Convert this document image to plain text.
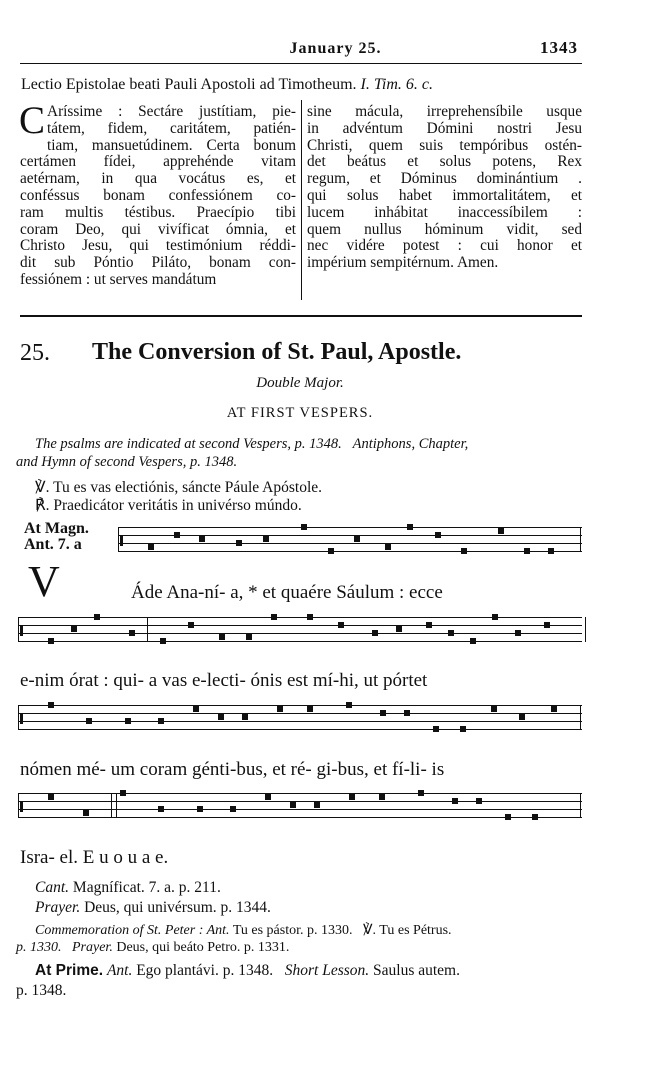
January 25.	1343
Lectio Epistolae beati Pauli Apostoli ad Timotheum. I. Tim. 6. c.
C Aríssime : Sectáre justítiam, pie-
tátem, fidem, caritátem, patién-
tiam, mansuetúdinem. Certa bonum
certámen fídei, apprehénde vitam
aetérnam, in qua vocátus es, et
conféssus bonam confessiónem co-
ram multis téstibus. Praecípio tibi
coram Deo, qui vivíficat ómnia, et
Christo Jesu, qui testimónium réddi-
dit sub Póntio Piláto, bonam con-
fessiónem : ut serves mandátum
sine mácula, irreprehensíbile usque
in advéntum Dómini nostri Jesu
Christi, quem suis tempóribus ostén-
det beátus et solus potens, Rex
regum, et Dóminus dominántium .
qui solus habet immortalitátem, et
lucem inhábitat inaccessíbilem :
quem nullus hóminum vidit, sed
nec vidére potest : cui honor et
impérium sempitérnum. Amen.
25. The Conversion of St. Paul, Apostle.
Double Major.
AT FIRST VESPERS.
The psalms are indicated at second Vespers, p. 1348. Antiphons, Chapter,
and Hymn of second Vespers, p. 1348.
℣. Tu es vas electiónis, sáncte Páule Apóstole.
℟. Praedicátor veritátis in univérso múndo.
At Magn.
Ant. 7. a
V	Áde Ana-ní- a, * et quaére Sáulum : ecce
e-nim órat : qui- a vas e-lecti- ónis est mí-hi, ut pórtet
nómen mé- um coram génti-bus, et ré- gi-bus, et fí-li- is
Isra- el. E u o u a e.
Cant. Magníficat. 7. a. p. 211.
Prayer. Deus, qui univérsum. p. 1344.
Commemoration of St. Peter : Ant. Tu es pástor. p. 1330. ℣. Tu es Pétrus.
p. 1330. Prayer. Deus, qui beáto Petro. p. 1331.
At Prime. Ant. Ego plantávi. p. 1348. Short Lesson. Saulus autem.
p. 1348.
